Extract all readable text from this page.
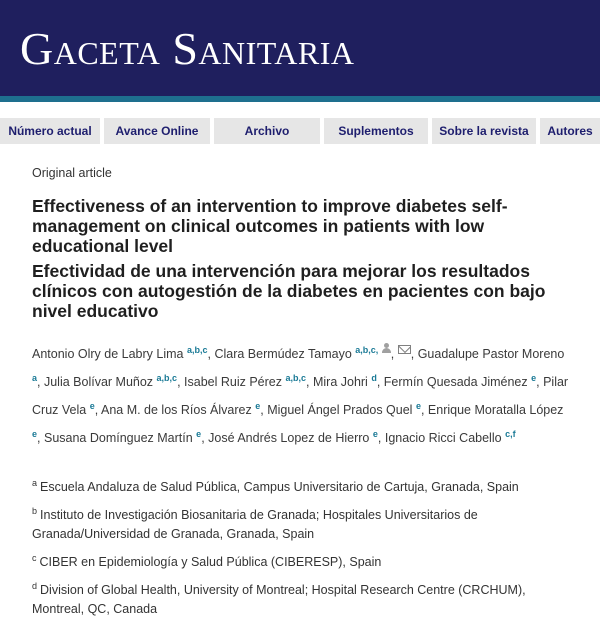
Gaceta Sanitaria
Número actual	Avance Online	Archivo	Suplementos	Sobre la revista	Autores
Original article
Effectiveness of an intervention to improve diabetes self-management on clinical outcomes in patients with low educational level
Efectividad de una intervención para mejorar los resultados clínicos con autogestión de la diabetes en pacientes con bajo nivel educativo
Antonio Olry de Labry Lima $^{a,b,c}$, Clara Bermúdez Tamayo $^{a,b,c,}$ , , Guadalupe Pastor Moreno $^a$, Julia Bolívar Muñoz $^{a,b,c}$, Isabel Ruiz Pérez $^{a,b,c}$, Mira Johri $^d$, Fermín Quesada Jiménez $^e$, Pilar Cruz Vela $^e$, Ana M. de los Ríos Álvarez $^e$, Miguel Ángel Prados Quel $^e$, Enrique Moratalla López $^e$, Susana Domínguez Martín $^e$, José Andrés Lopez de Hierro $^e$, Ignacio Ricci Cabello $^{c,f}$
$^a$ Escuela Andaluza de Salud Pública, Campus Universitario de Cartuja, Granada, Spain
$^b$ Instituto de Investigación Biosanitaria de Granada; Hospitales Universitarios de Granada/Universidad de Granada, Granada, Spain
$^c$ CIBER en Epidemiología y Salud Pública (CIBERESP), Spain
$^d$ Division of Global Health, University of Montreal; Hospital Research Centre (CRCHUM), Montreal, QC, Canada
